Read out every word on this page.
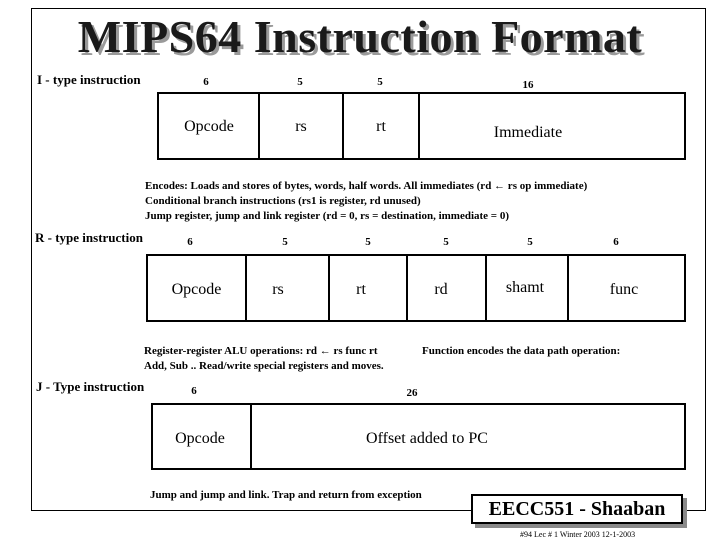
MIPS64 Instruction Format
I - type instruction	6	5	5	16
Opcode	rs	rt	Immediate
Encodes: Loads and stores of bytes, words, half words. All immediates (rd ← rs op immediate)
Conditional branch instructions (rs1 is register, rd unused)
Jump register, jump and link register (rd = 0, rs = destination, immediate = 0)
R - type instruction	6	5	5	5	5	6
Opcode	rs	rt	rd	shamt	func
Register-register ALU operations: rd ← rs func rt
Add, Sub .. Read/write special registers and moves.
Function encodes the data path operation:
J - Type instruction	6	26
Opcode	Offset added to PC
Jump and jump and link. Trap and return from exception
EECC551 - Shaaban
#94 Lec # 1 Winter 2003 12-1-2003
